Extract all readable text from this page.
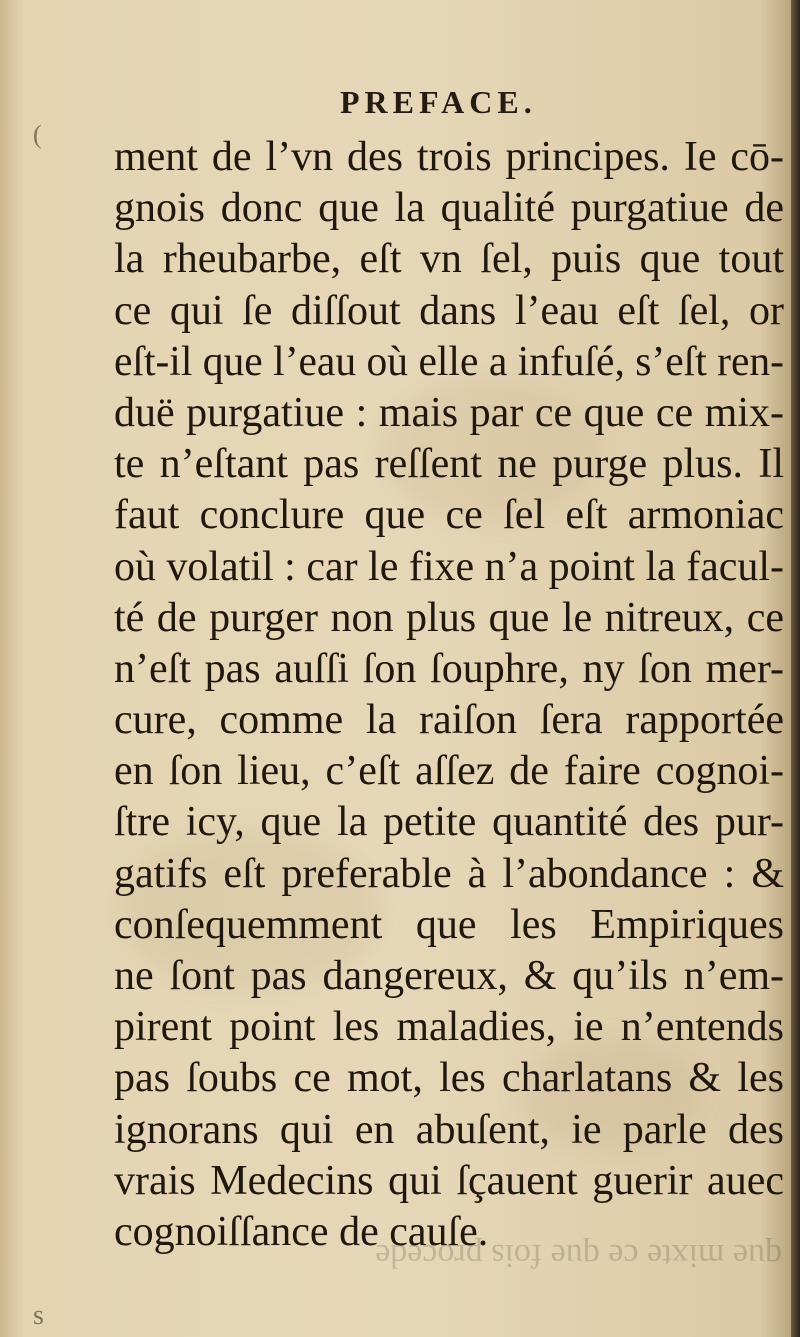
PREFACE.
ment de l’vn des trois principes. Ie cō-
gnois donc que la qualité purgatiue de
la rheubarbe, eſt vn ſel, puis que tout
ce qui ſe diſſout dans l’eau eſt ſel, or
eſt-il que l’eau où elle a infuſé, s’eſt ren-
duë purgatiue : mais par ce que ce mix-
te n’eſtant pas reſſent ne purge plus. Il
faut conclure que ce ſel eſt armoniac
où volatil : car le fixe n’a point la facul-
té de purger non plus que le nitreux, ce
n’eſt pas auſſi ſon ſouphre, ny ſon mer-
cure, comme la raiſon ſera rapportée
en ſon lieu, c’eſt aſſez de faire cognoi-
ſtre icy, que la petite quantité des pur-
gatifs eſt preferable à l’abondance : &
conſequemment que les Empiriques
ne ſont pas dangereux, & qu’ils n’em-
pirent point les maladies, ie n’entends
pas ſoubs ce mot, les charlatans & les
ignorans qui en abuſent, ie parle des
vrais Medecins qui ſçauent guerir auec
cognoiſſance de cauſe.
que mixte ce que fois procede
(
s
